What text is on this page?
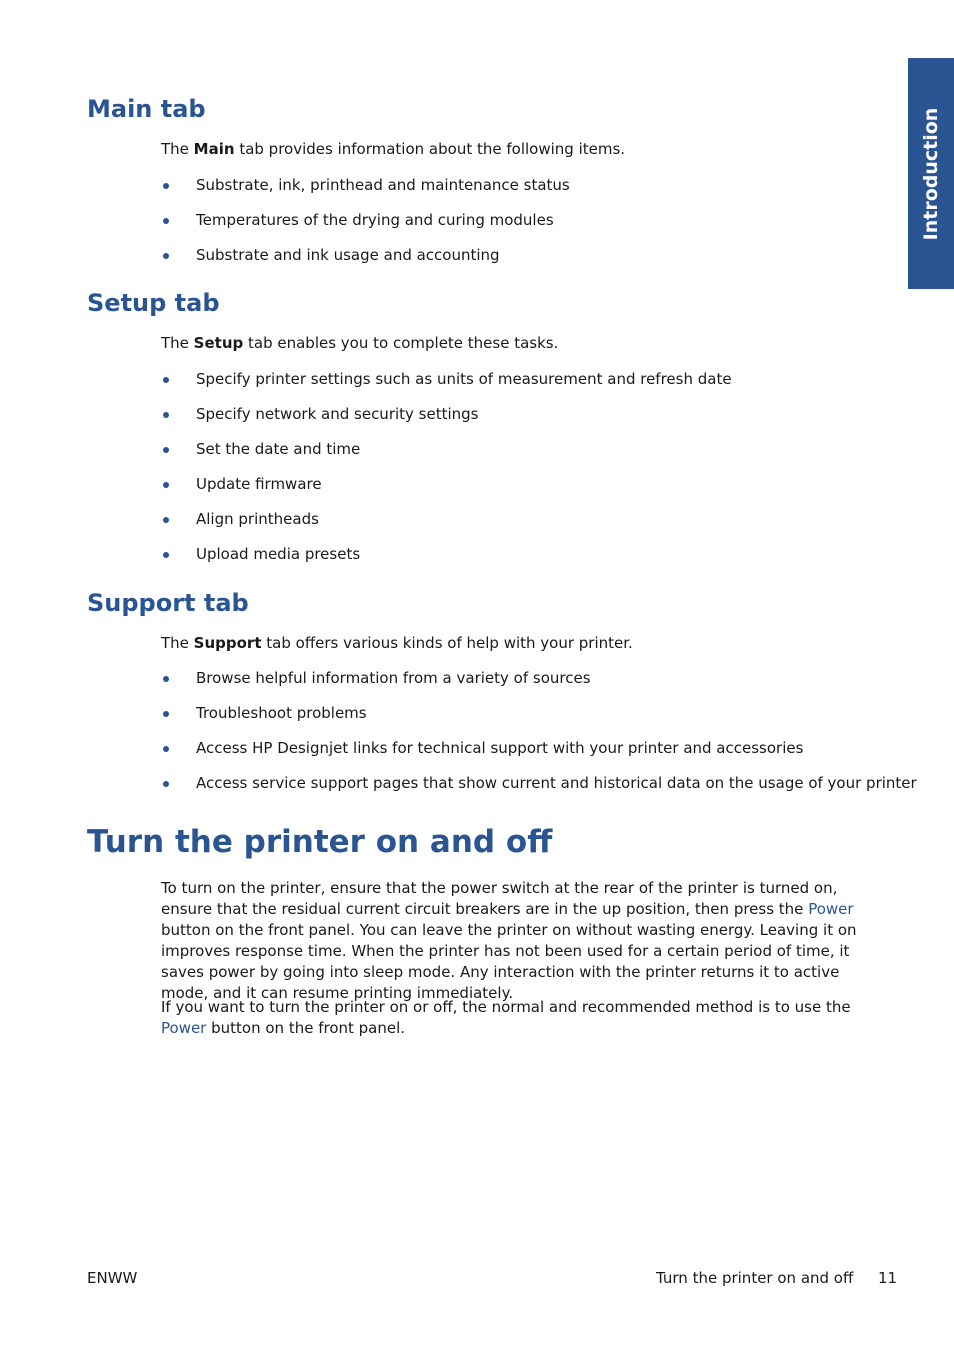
Introduction
Main tab

The Main tab provides information about the following items.

Substrate, ink, printhead and maintenance status
Temperatures of the drying and curing modules
Substrate and ink usage and accounting
Setup tab

The Setup tab enables you to complete these tasks.

Specify printer settings such as units of measurement and refresh date
Specify network and security settings
Set the date and time
Update firmware
Align printheads
Upload media presets
Support tab

The Support tab offers various kinds of help with your printer.

Browse helpful information from a variety of sources
Troubleshoot problems
Access HP Designjet links for technical support with your printer and accessories
Access service support pages that show current and historical data on the usage of your printer
Turn the printer on and off

To turn on the printer, ensure that the power switch at the rear of the printer is turned on, ensure that the residual current circuit breakers are in the up position, then press the Power button on the front panel. You can leave the printer on without wasting energy. Leaving it on improves response time. When the printer has not been used for a certain period of time, it saves power by going into sleep mode. Any interaction with the printer returns it to active mode, and it can resume printing immediately.

If you want to turn the printer on or off, the normal and recommended method is to use the Power button on the front panel.

ENWW	Turn the printer on and off 11
